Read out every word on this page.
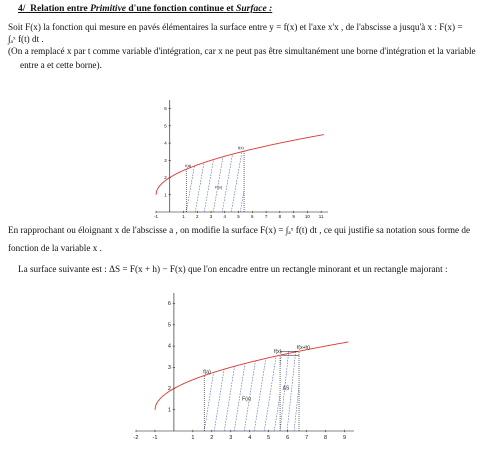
4/ Relation entre Primitive d'une fonction continue et Surface :
Soit F(x) la fonction qui mesure en pavés élémentaires la surface entre y = f(x) et l'axe x'x , de l'abscisse a jusqu'à x : F(x) =
∫ₐˣ f(t) dt .
(On a remplacé x par t comme variable d'intégration, car x ne peut pas être simultanément une borne d'intégration et la variable
entre a et cette borne).
-1	1 2 3 4 5 6 7 8 9 10 11
1
2
3
4
5
6
f(a)
F(x)
f(x)
-2	-1	1	2	3	4	5	6	7	8	9
1
2
3
4
5
6
f(a)
F(x)
f(x)
f(x+h)
ΔS
En rapprochant ou éloignant x de l'abscisse a , on modifie la surface F(x) = ∫ₐˣ f(t) dt , ce qui justifie sa notation sous forme de
fonction de la variable x .
La surface suivante est : ΔS = F(x + h) − F(x) que l'on encadre entre un rectangle minorant et un rectangle majorant :
